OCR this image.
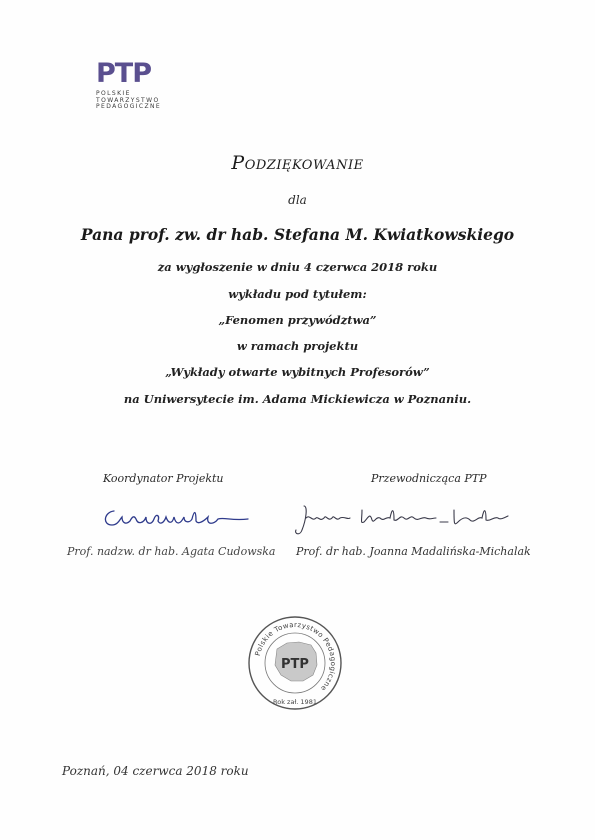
PTP
POLSKIE
TOWARZYSTWO
PEDAGOGICZNE
Podziękowanie
dla
Pana prof. zw. dr hab. Stefana M. Kwiatkowskiego
za wygłoszenie w dniu 4 czerwca 2018 roku
wykładu pod tytułem:
„Fenomen przywództwa”
w ramach projektu
„Wykłady otwarte wybitnych Profesorów”
na Uniwersytecie im. Adama Mickiewicza w Poznaniu.
Koordynator Projektu	Przewodnicząca PTP
Prof. nadzw. dr hab. Agata Cudowska Prof. dr hab. Joanna Madalińska-Michalak
Polskie Towarzystwo Pedagogiczne
PTP
Rok zał. 1981
Poznań, 04 czerwca 2018 roku
